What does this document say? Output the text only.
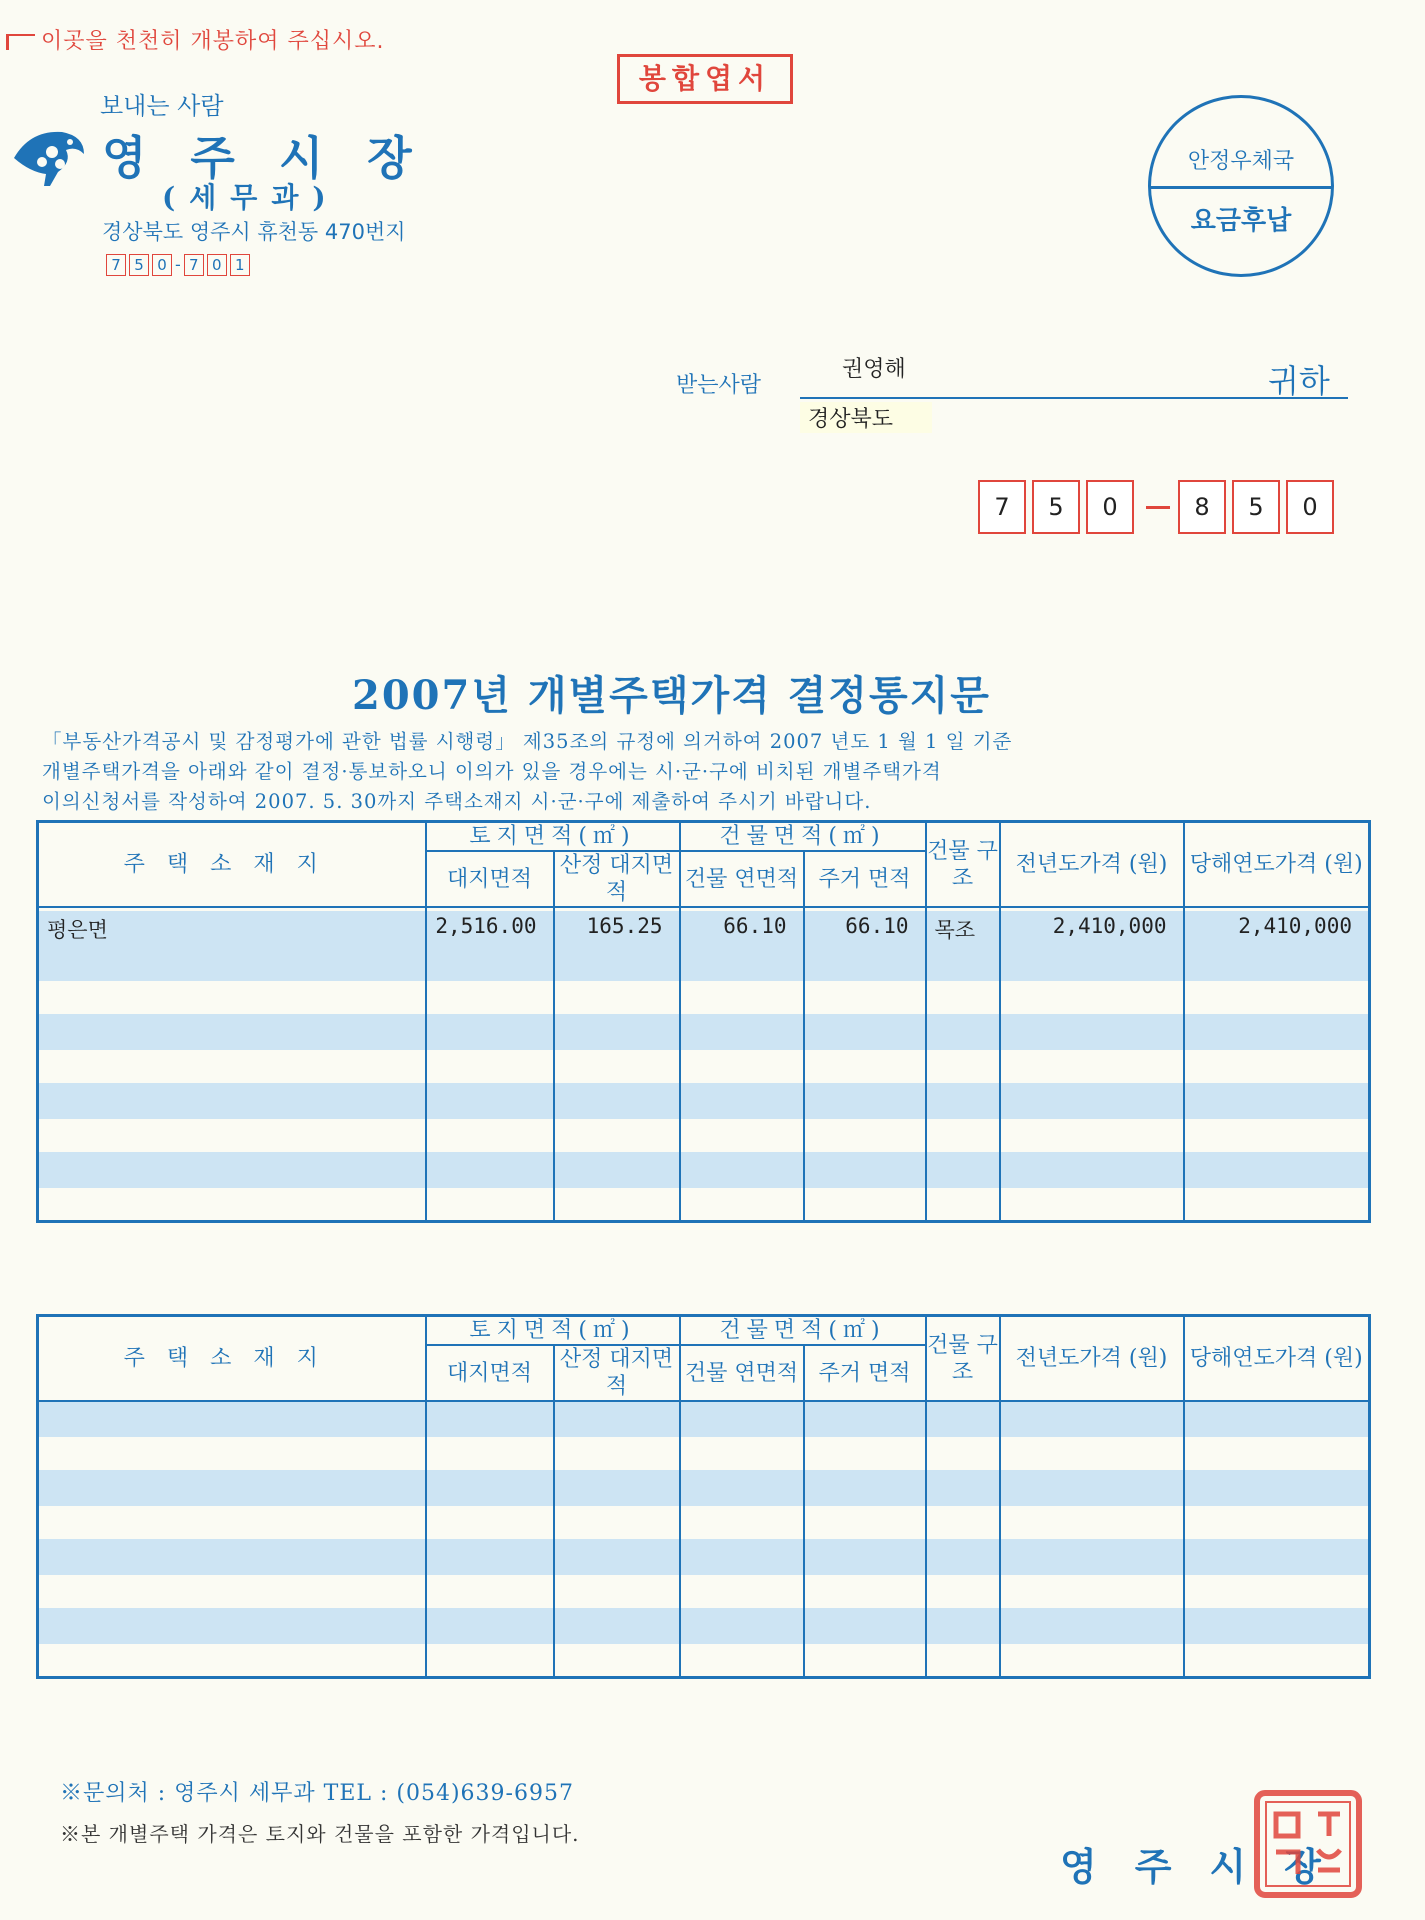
이곳을 천천히 개봉하여 주십시오.
봉합엽서
보내는 사람
영주시장
(세무과)
경상북도 영주시 휴천동 470번지
7 5 0 - 7 0 1
안정우체국
요금후납
받는사람
권영해	귀하
경상북도
7	5	0	8	5	0
2007년 개별주택가격 결정통지문
「부동산가격공시 및 감정평가에 관한 법률 시행령」 제35조의 규정에 의거하여 2007 년도 1 월 1 일 기준
개별주택가격을 아래와 같이 결정·통보하오니 이의가 있을 경우에는 시·군·구에 비치된 개별주택가격
이의신청서를 작성하여 2007. 5. 30까지 주택소재지 시·군·구에 제출하여 주시기 바랍니다.
주택소재지	토지면적(㎡)		건물면적(㎡)		건물 구조	전년도가격 (원)	당해연도가격 (원)
	대지면적	산정 대지면적	건물 연면적	주거 면적			
평은면	2,516.00	165.25	66.10	66.10	목조	2,410,000	2,410,000

주택소재지	토지면적(㎡)		건물면적(㎡)		건물 구조	전년도가격 (원)	당해연도가격 (원)
	대지면적	산정 대지면적	건물 연면적	주거 면적			

※문의처 : 영주시 세무과 TEL : (054)639-6957
※본 개별주택 가격은 토지와 건물을 포함한 가격입니다.
영주시장
